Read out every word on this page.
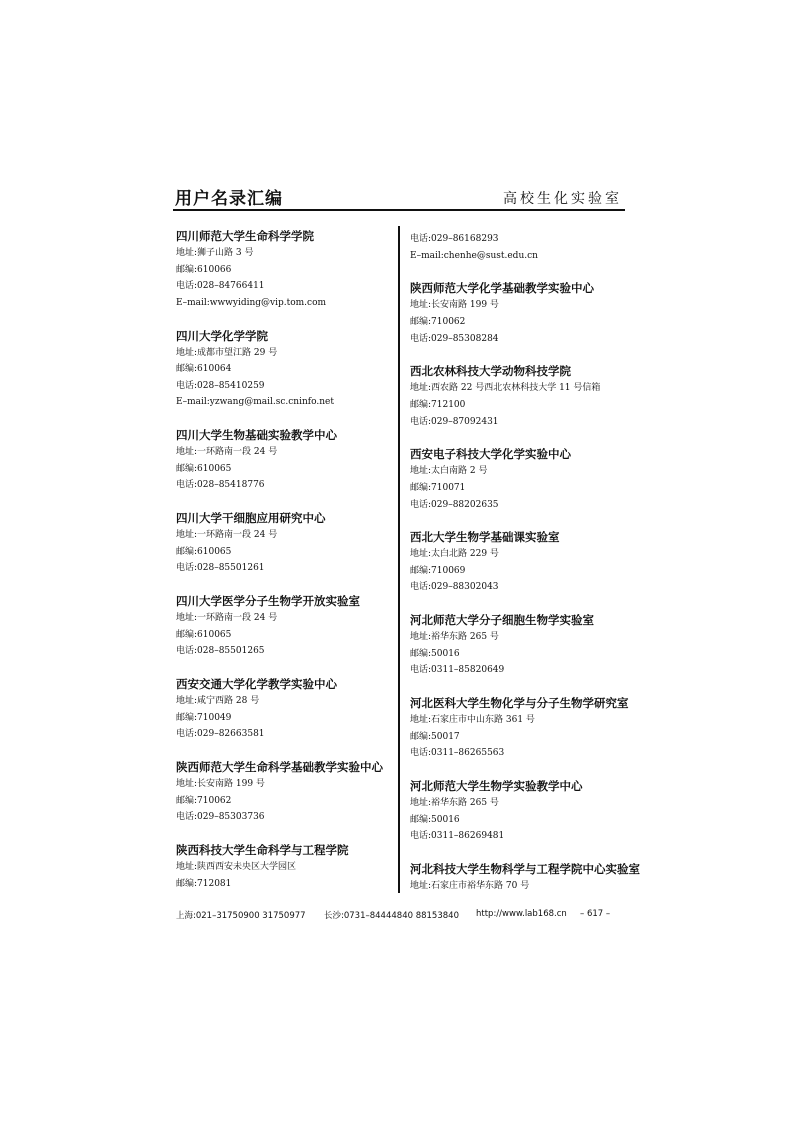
用户名录汇编	高校生化实验室
四川师范大学生命科学学院
地址:狮子山路 3 号
邮编:610066
电话:028–84766411
E–mail:wwwyiding@vip.tom.com
四川大学化学学院
地址:成都市望江路 29 号
邮编:610064
电话:028–85410259
E–mail:yzwang@mail.sc.cninfo.net
四川大学生物基础实验教学中心
地址:一环路南一段 24 号
邮编:610065
电话:028–85418776
四川大学干细胞应用研究中心
地址:一环路南一段 24 号
邮编:610065
电话:028–85501261
四川大学医学分子生物学开放实验室
地址:一环路南一段 24 号
邮编:610065
电话:028–85501265
西安交通大学化学教学实验中心
地址:咸宁西路 28 号
邮编:710049
电话:029–82663581
陕西师范大学生命科学基础教学实验中心
地址:长安南路 199 号
邮编:710062
电话:029–85303736
陕西科技大学生命科学与工程学院
地址:陕西西安未央区大学园区
邮编:712081
电话:029–86168293
E–mail:chenhe@sust.edu.cn
陕西师范大学化学基础教学实验中心
地址:长安南路 199 号
邮编:710062
电话:029–85308284
西北农林科技大学动物科技学院
地址:西农路 22 号西北农林科技大学 11 号信箱
邮编:712100
电话:029–87092431
西安电子科技大学化学实验中心
地址:太白南路 2 号
邮编:710071
电话:029–88202635
西北大学生物学基础课实验室
地址:太白北路 229 号
邮编:710069
电话:029–88302043
河北师范大学分子细胞生物学实验室
地址:裕华东路 265 号
邮编:50016
电话:0311–85820649
河北医科大学生物化学与分子生物学研究室
地址:石家庄市中山东路 361 号
邮编:50017
电话:0311–86265563
河北师范大学生物学实验教学中心
地址:裕华东路 265 号
邮编:50016
电话:0311–86269481
河北科技大学生物科学与工程学院中心实验室
地址:石家庄市裕华东路 70 号
上海:021–31750900 31750977 长沙:0731–84444840 88153840 http://www.lab168.cn – 617 –
